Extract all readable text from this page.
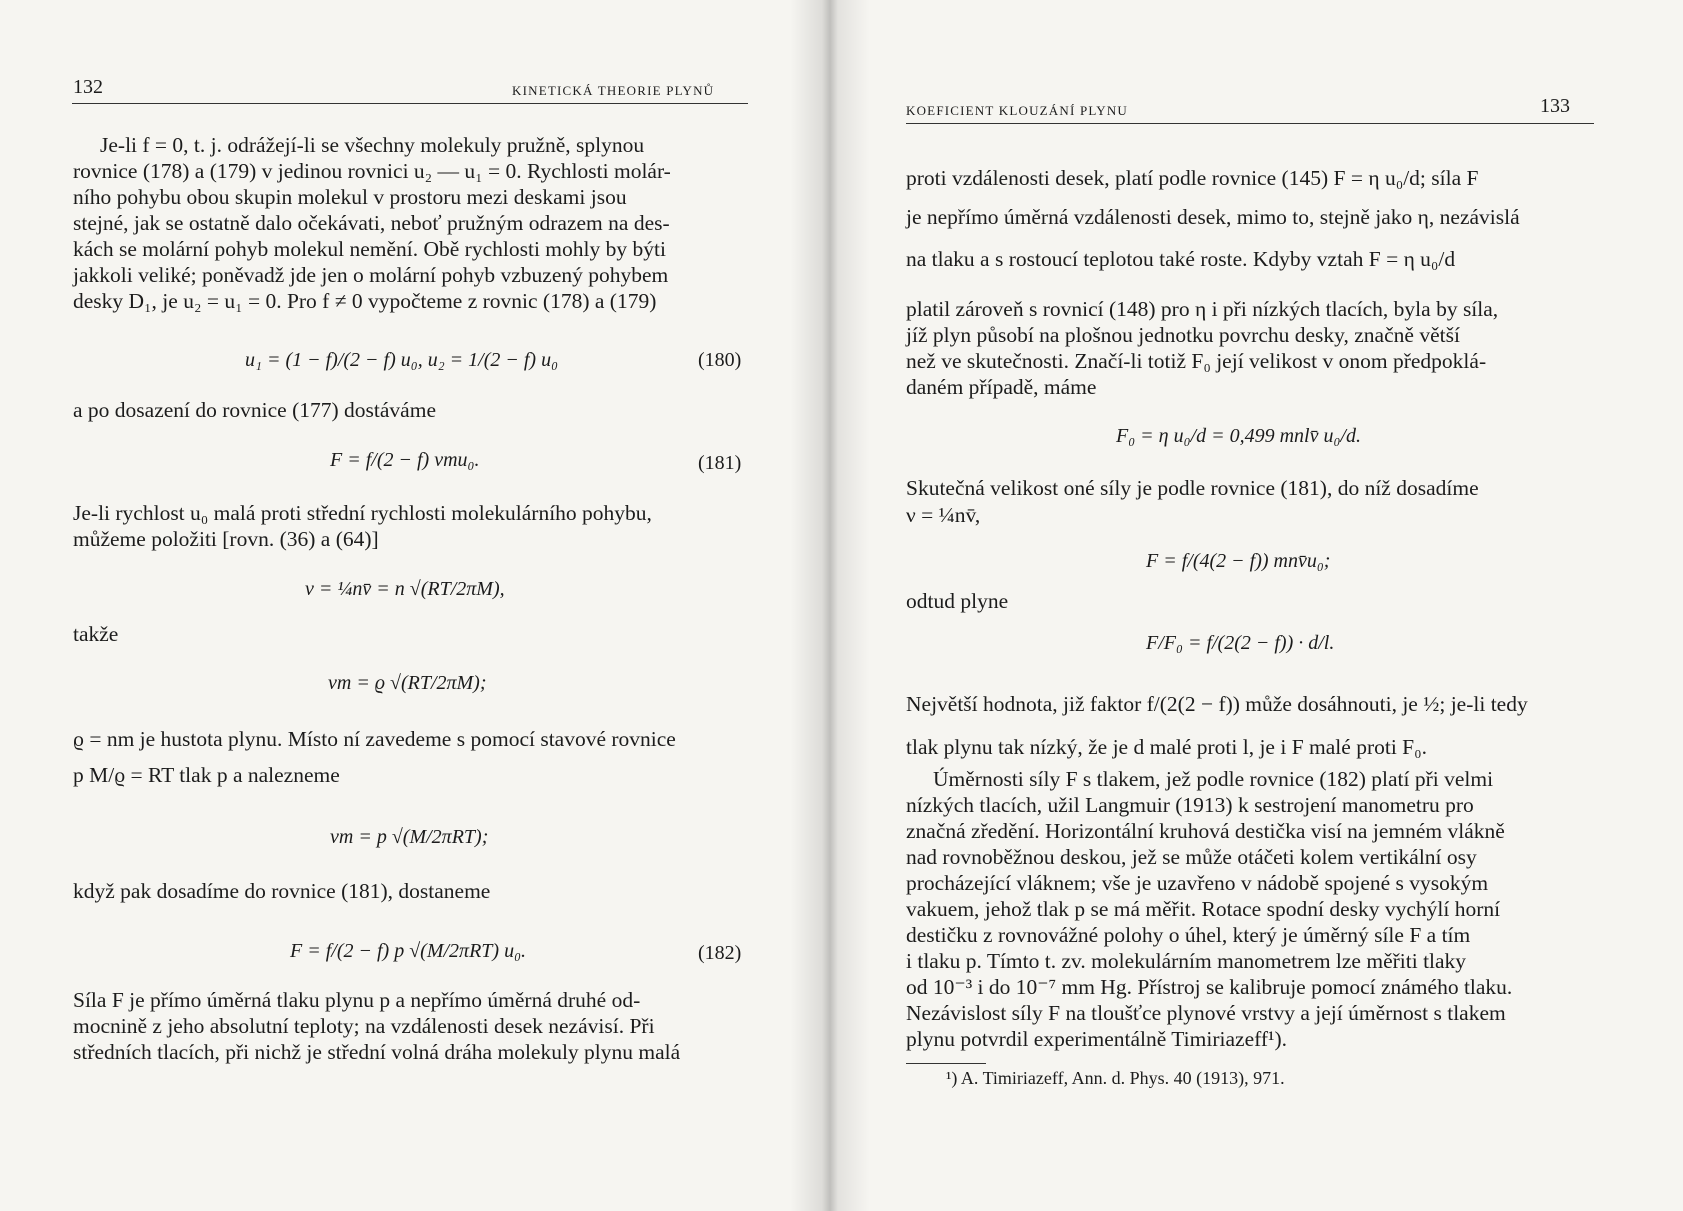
132	KINETICKÁ THEORIE PLYNŮ
Je-li f = 0, t. j. odrážejí-li se všechny molekuly pružně, splynou
rovnice (178) a (179) v jedinou rovnici u₂ — u₁ = 0. Rychlosti molár-
ního pohybu obou skupin molekul v prostoru mezi deskami jsou
stejné, jak se ostatně dalo očekávati, neboť pružným odrazem na des-
kách se molární pohyb molekul nemění. Obě rychlosti mohly by býti
jakkoli veliké; poněvadž jde jen o molární pohyb vzbuzený pohybem
desky D₁, je u₂ = u₁ = 0. Pro f ≠ 0 vypočteme z rovnic (178) a (179)
u₁ = (1 − f)/(2 − f) u₀, u₂ = 1/(2 − f) u₀	(180)
a po dosazení do rovnice (177) dostáváme
F = f/(2 − f) νmu₀.	(181)
Je-li rychlost u₀ malá proti střední rychlosti molekulárního pohybu,
můžeme položiti [rovn. (36) a (64)]
ν = ¼nv̄ = n √(RT/2πM),
takže
νm = ϱ √(RT/2πM);
ϱ = nm je hustota plynu. Místo ní zavedeme s pomocí stavové rovnice
p M/ϱ = RT tlak p a nalezneme
νm = p √(M/2πRT);
když pak dosadíme do rovnice (181), dostaneme
F = f/(2 − f) p √(M/2πRT) u₀.	(182)
Síla F je přímo úměrná tlaku plynu p a nepřímo úměrná druhé od-
mocnině z jeho absolutní teploty; na vzdálenosti desek nezávisí. Při
středních tlacích, při nichž je střední volná dráha molekuly plynu malá
KOEFICIENT KLOUZÁNÍ PLYNU	133
proti vzdálenosti desek, platí podle rovnice (145) F = η u₀/d; síla F
je nepřímo úměrná vzdálenosti desek, mimo to, stejně jako η, nezávislá
na tlaku a s rostoucí teplotou také roste. Kdyby vztah F = η u₀/d
platil zároveň s rovnicí (148) pro η i při nízkých tlacích, byla by síla,
jíž plyn působí na plošnou jednotku povrchu desky, značně větší
než ve skutečnosti. Značí-li totiž F₀ její velikost v onom předpoklá-
daném případě, máme
F₀ = η u₀/d = 0,499 mnlv̄ u₀/d.
Skutečná velikost oné síly je podle rovnice (181), do níž dosadíme
ν = ¼nv̄,
F = f/(4(2 − f)) mnv̄u₀;
odtud plyne
F/F₀ = f/(2(2 − f)) · d/l.
Největší hodnota, již faktor f/(2(2 − f)) může dosáhnouti, je ½; je-li tedy
tlak plynu tak nízký, že je d malé proti l, je i F malé proti F₀.
Úměrnosti síly F s tlakem, jež podle rovnice (182) platí při velmi
nízkých tlacích, užil Langmuir (1913) k sestrojení manometru pro
značná zředění. Horizontální kruhová destička visí na jemném vlákně
nad rovnoběžnou deskou, jež se může otáčeti kolem vertikální osy
procházející vláknem; vše je uzavřeno v nádobě spojené s vysokým
vakuem, jehož tlak p se má měřit. Rotace spodní desky vychýlí horní
destičku z rovnovážné polohy o úhel, který je úměrný síle F a tím
i tlaku p. Tímto t. zv. molekulárním manometrem lze měřiti tlaky
od 10⁻³ i do 10⁻⁷ mm Hg. Přístroj se kalibruje pomocí známého tlaku.
Nezávislost síly F na tloušťce plynové vrstvy a její úměrnost s tlakem
plynu potvrdil experimentálně Timiriazeff¹).
¹) A. Timiriazeff, Ann. d. Phys. 40 (1913), 971.
